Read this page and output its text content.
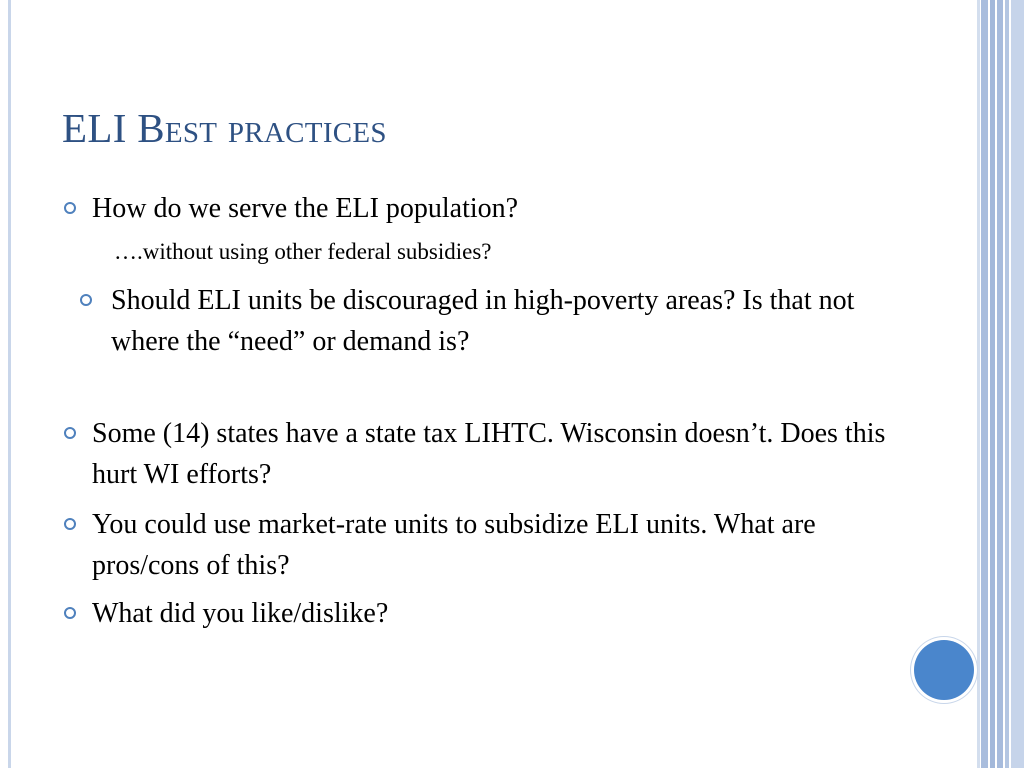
ELI Best practices
How do we serve the ELI population?
….without using other federal subsidies?
Should ELI units be discouraged in high-poverty areas? Is that not where the “need” or demand is?
Some (14) states have a state tax LIHTC. Wisconsin doesn’t. Does this hurt WI efforts?
You could use market-rate units to subsidize ELI units. What are pros/cons of this?
What did you like/dislike?
